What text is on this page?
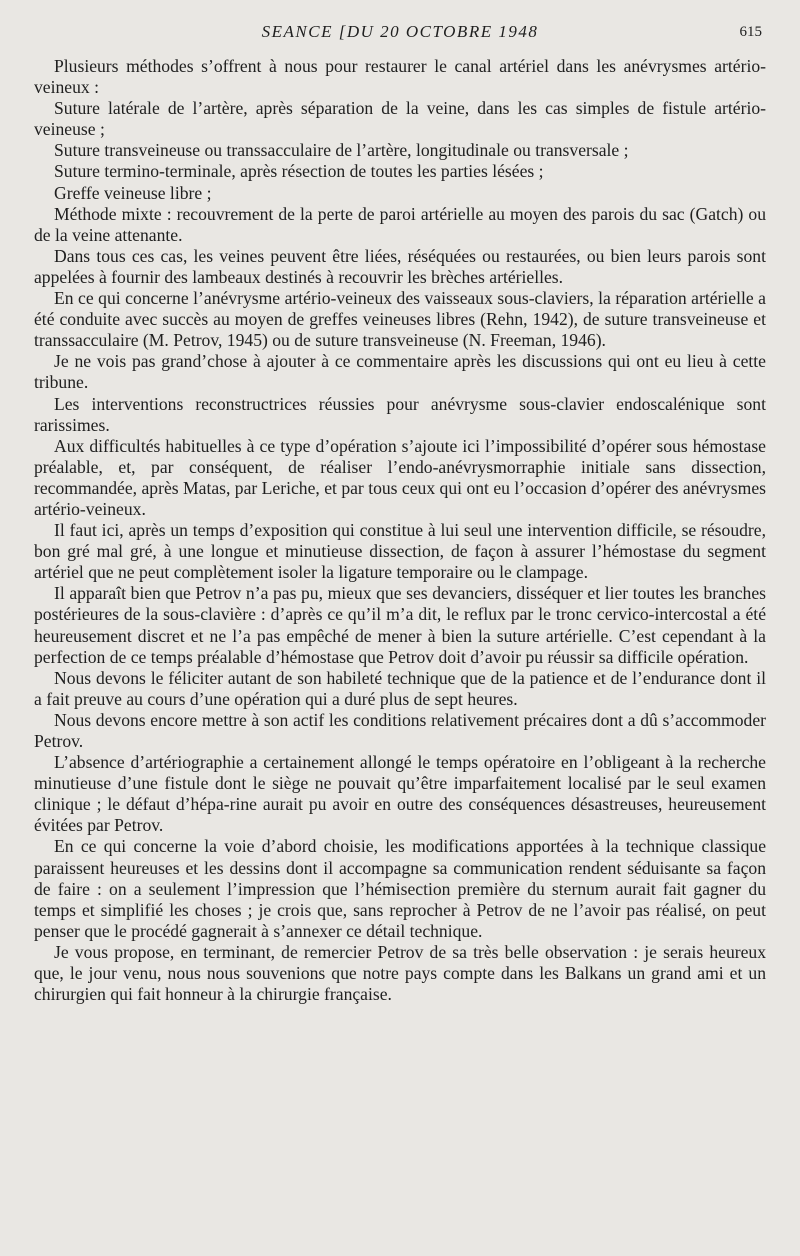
SEANCE [DU 20 OCTOBRE 1948	615

Plusieurs méthodes s’offrent à nous pour restaurer le canal artériel dans les anévrysmes artério-veineux :

Suture latérale de l’artère, après séparation de la veine, dans les cas simples de fistule artério-veineuse ;

Suture transveineuse ou transsacculaire de l’artère, longitudinale ou transversale ;

Suture termino-terminale, après résection de toutes les parties lésées ;

Greffe veineuse libre ;

Méthode mixte : recouvrement de la perte de paroi artérielle au moyen des parois du sac (Gatch) ou de la veine attenante.

Dans tous ces cas, les veines peuvent être liées, réséquées ou restaurées, ou bien leurs parois sont appelées à fournir des lambeaux destinés à recouvrir les brèches artérielles.

En ce qui concerne l’anévrysme artério-veineux des vaisseaux sous-claviers, la réparation artérielle a été conduite avec succès au moyen de greffes veineuses libres (Rehn, 1942), de suture transveineuse et transsacculaire (M. Petrov, 1945) ou de suture transveineuse (N. Freeman, 1946).

Je ne vois pas grand’chose à ajouter à ce commentaire après les discussions qui ont eu lieu à cette tribune.

Les interventions reconstructrices réussies pour anévrysme sous-clavier endoscalénique sont rarissimes.

Aux difficultés habituelles à ce type d’opération s’ajoute ici l’impossibilité d’opérer sous hémostase préalable, et, par conséquent, de réaliser l’endo-anévrysmorraphie initiale sans dissection, recommandée, après Matas, par Leriche, et par tous ceux qui ont eu l’occasion d’opérer des anévrysmes artério-veineux.

Il faut ici, après un temps d’exposition qui constitue à lui seul une intervention difficile, se résoudre, bon gré mal gré, à une longue et minutieuse dissection, de façon à assurer l’hémostase du segment artériel que ne peut complètement isoler la ligature temporaire ou le clampage.

Il apparaît bien que Petrov n’a pas pu, mieux que ses devanciers, disséquer et lier toutes les branches postérieures de la sous-clavière : d’après ce qu’il m’a dit, le reflux par le tronc cervico-intercostal a été heureusement discret et ne l’a pas empêché de mener à bien la suture artérielle. C’est cependant à la perfection de ce temps préalable d’hémostase que Petrov doit d’avoir pu réussir sa difficile opération.

Nous devons le féliciter autant de son habileté technique que de la patience et de l’endurance dont il a fait preuve au cours d’une opération qui a duré plus de sept heures.

Nous devons encore mettre à son actif les conditions relativement précaires dont a dû s’accommoder Petrov.

L’absence d’artériographie a certainement allongé le temps opératoire en l’obligeant à la recherche minutieuse d’une fistule dont le siège ne pouvait qu’être imparfaitement localisé par le seul examen clinique ; le défaut d’hépa-rine aurait pu avoir en outre des conséquences désastreuses, heureusement évitées par Petrov.

En ce qui concerne la voie d’abord choisie, les modifications apportées à la technique classique paraissent heureuses et les dessins dont il accompagne sa communication rendent séduisante sa façon de faire : on a seulement l’impression que l’hémisection première du sternum aurait fait gagner du temps et simplifié les choses ; je crois que, sans reprocher à Petrov de ne l’avoir pas réalisé, on peut penser que le procédé gagnerait à s’annexer ce détail technique.

Je vous propose, en terminant, de remercier Petrov de sa très belle observation : je serais heureux que, le jour venu, nous nous souvenions que notre pays compte dans les Balkans un grand ami et un chirurgien qui fait honneur à la chirurgie française.
